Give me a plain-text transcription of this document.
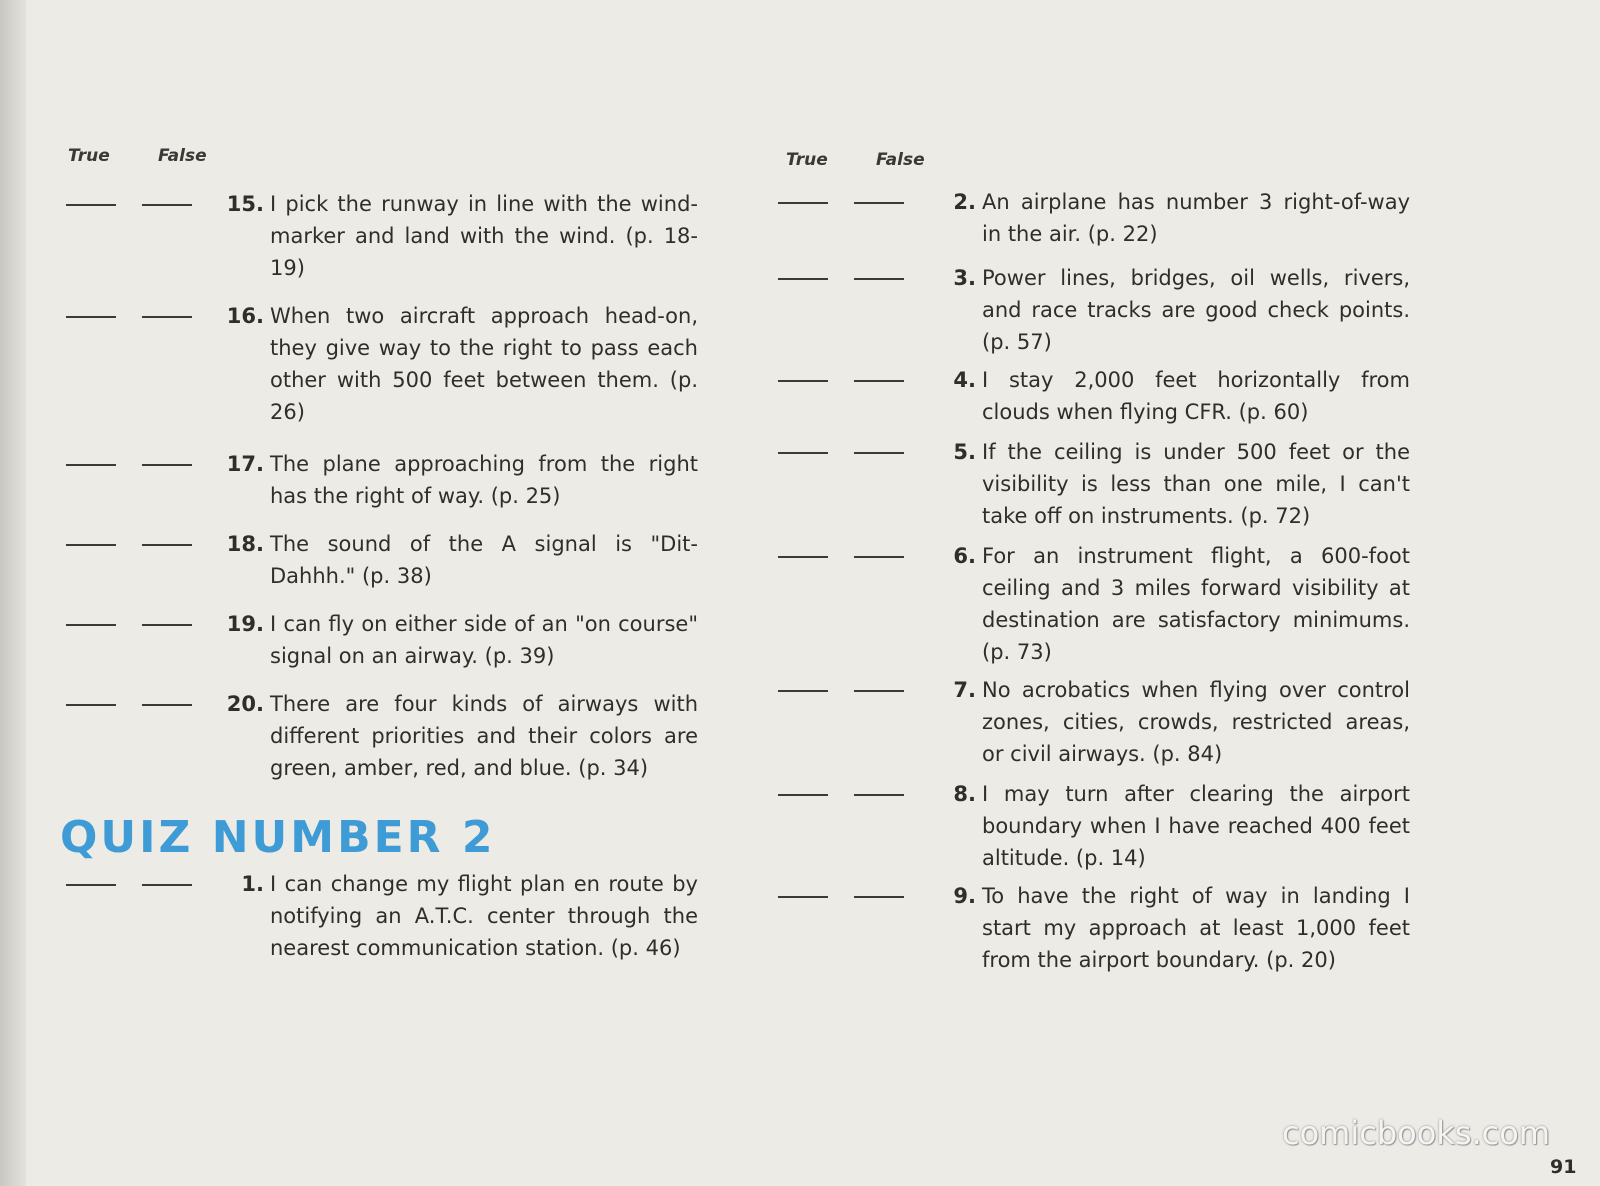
True	False
15. I pick the runway in line with the wind-marker and land with the wind. (p. 18-19)
16. When two aircraft approach head-on, they give way to the right to pass each other with 500 feet between them. (p. 26)
17. The plane approaching from the right has the right of way. (p. 25)
18. The sound of the A signal is "Dit-Dahhh." (p. 38)
19. I can fly on either side of an "on course" signal on an airway. (p. 39)
20. There are four kinds of airways with different priorities and their colors are green, amber, red, and blue. (p. 34)
1. I can change my flight plan en route by notifying an A.T.C. center through the nearest communication station. (p. 46)
QUIZ NUMBER 2
True	False
2. An airplane has number 3 right-of-way in the air. (p. 22)
3. Power lines, bridges, oil wells, rivers, and race tracks are good check points. (p. 57)
4. I stay 2,000 feet horizontally from clouds when flying CFR. (p. 60)
5. If the ceiling is under 500 feet or the visibility is less than one mile, I can't take off on instruments. (p. 72)
6. For an instrument flight, a 600-foot ceiling and 3 miles forward visibility at destination are satisfactory minimums. (p. 73)
7. No acrobatics when flying over control zones, cities, crowds, restricted areas, or civil airways. (p. 84)
8. I may turn after clearing the airport boundary when I have reached 400 feet altitude. (p. 14)
9. To have the right of way in landing I start my approach at least 1,000 feet from the airport boundary. (p. 20)
comicbooks.com
91
